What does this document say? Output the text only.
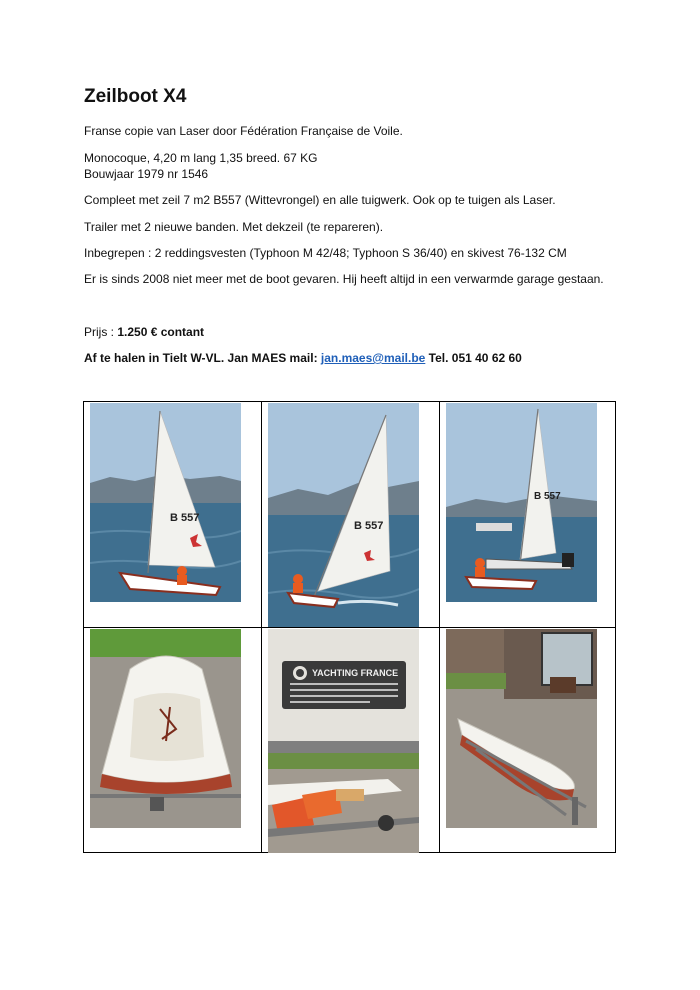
Zeilboot X4

Franse copie van Laser door Fédération Française de Voile.

Monocoque, 4,20 m lang 1,35 breed. 67 KG

Bouwjaar 1979 nr 1546

Compleet met zeil 7 m2 B557 (Wittevrongel) en alle tuigwerk. Ook op te tuigen als Laser.

Trailer met 2 nieuwe banden. Met dekzeil (te repareren).

Inbegrepen : 2 reddingsvesten (Typhoon M 42/48; Typhoon S 36/40) en skivest 76-132 CM

Er is sinds 2008 niet meer met de boot gevaren. Hij heeft altijd in een verwarmde garage gestaan.

Prijs : 1.250 € contant

Af te halen in Tielt W-VL. Jan MAES mail: jan.maes@mail.be Tel. 051 40 62 60

B 557
B 557
B 557
YACHTING FRANCE
